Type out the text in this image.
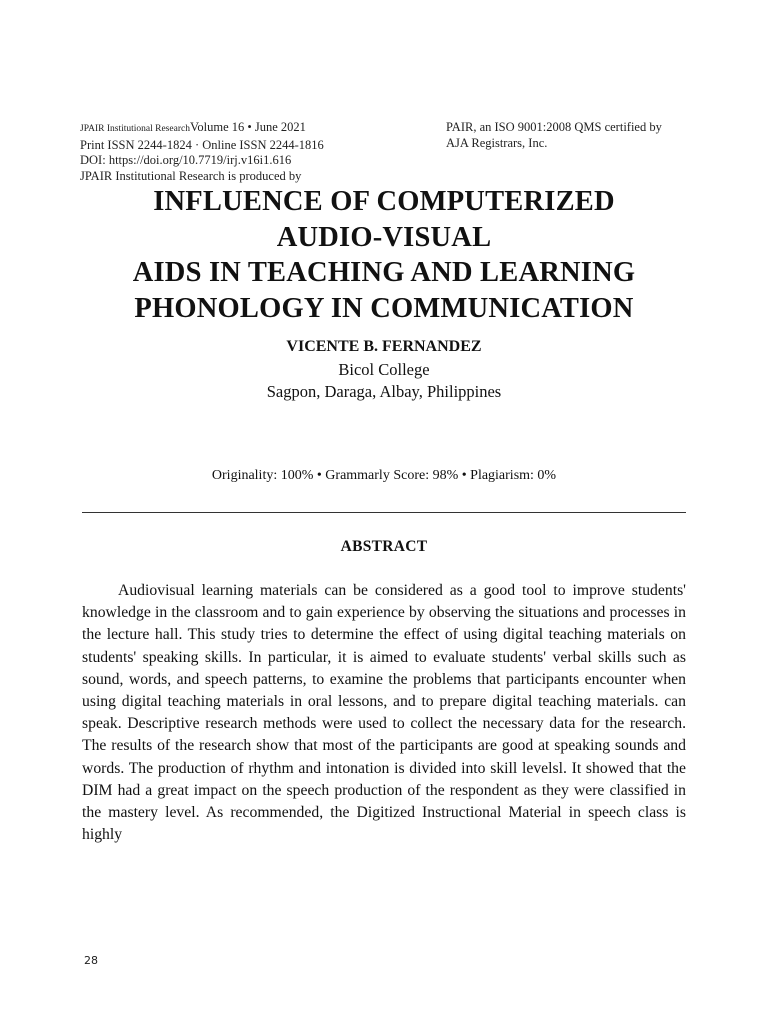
JPAIR Institutional ResearchVolume 16 • June 2021
Print ISSN 2244-1824 · Online ISSN 2244-1816
DOI: https://doi.org/10.7719/irj.v16i1.616
JPAIR Institutional Research is produced by
PAIR, an ISO 9001:2008 QMS certified by
AJA Registrars, Inc.
INFLUENCE OF COMPUTERIZED
AUDIO-VISUAL
AIDS IN TEACHING AND LEARNING
PHONOLOGY IN COMMUNICATION
VICENTE B. FERNANDEZ
Bicol College
Sagpon, Daraga, Albay, Philippines
Originality: 100% • Grammarly Score: 98% • Plagiarism: 0%
ABSTRACT

Audiovisual learning materials can be considered as a good tool to improve students' knowledge in the classroom and to gain experience by observing the situations and processes in the lecture hall. This study tries to determine the effect of using digital teaching materials on students' speaking skills. In particular, it is aimed to evaluate students' verbal skills such as sound, words, and speech patterns, to examine the problems that participants encounter when using digital teaching materials in oral lessons, and to prepare digital teaching materials. can speak. Descriptive research methods were used to collect the necessary data for the research. The results of the research show that most of the participants are good at speaking sounds and words. The production of rhythm and intonation is divided into skill levelsl. It showed that the DIM had a great impact on the speech production of the respondent as they were classified in the mastery level. As recommended, the Digitized Instructional Material in speech class is highly

28
